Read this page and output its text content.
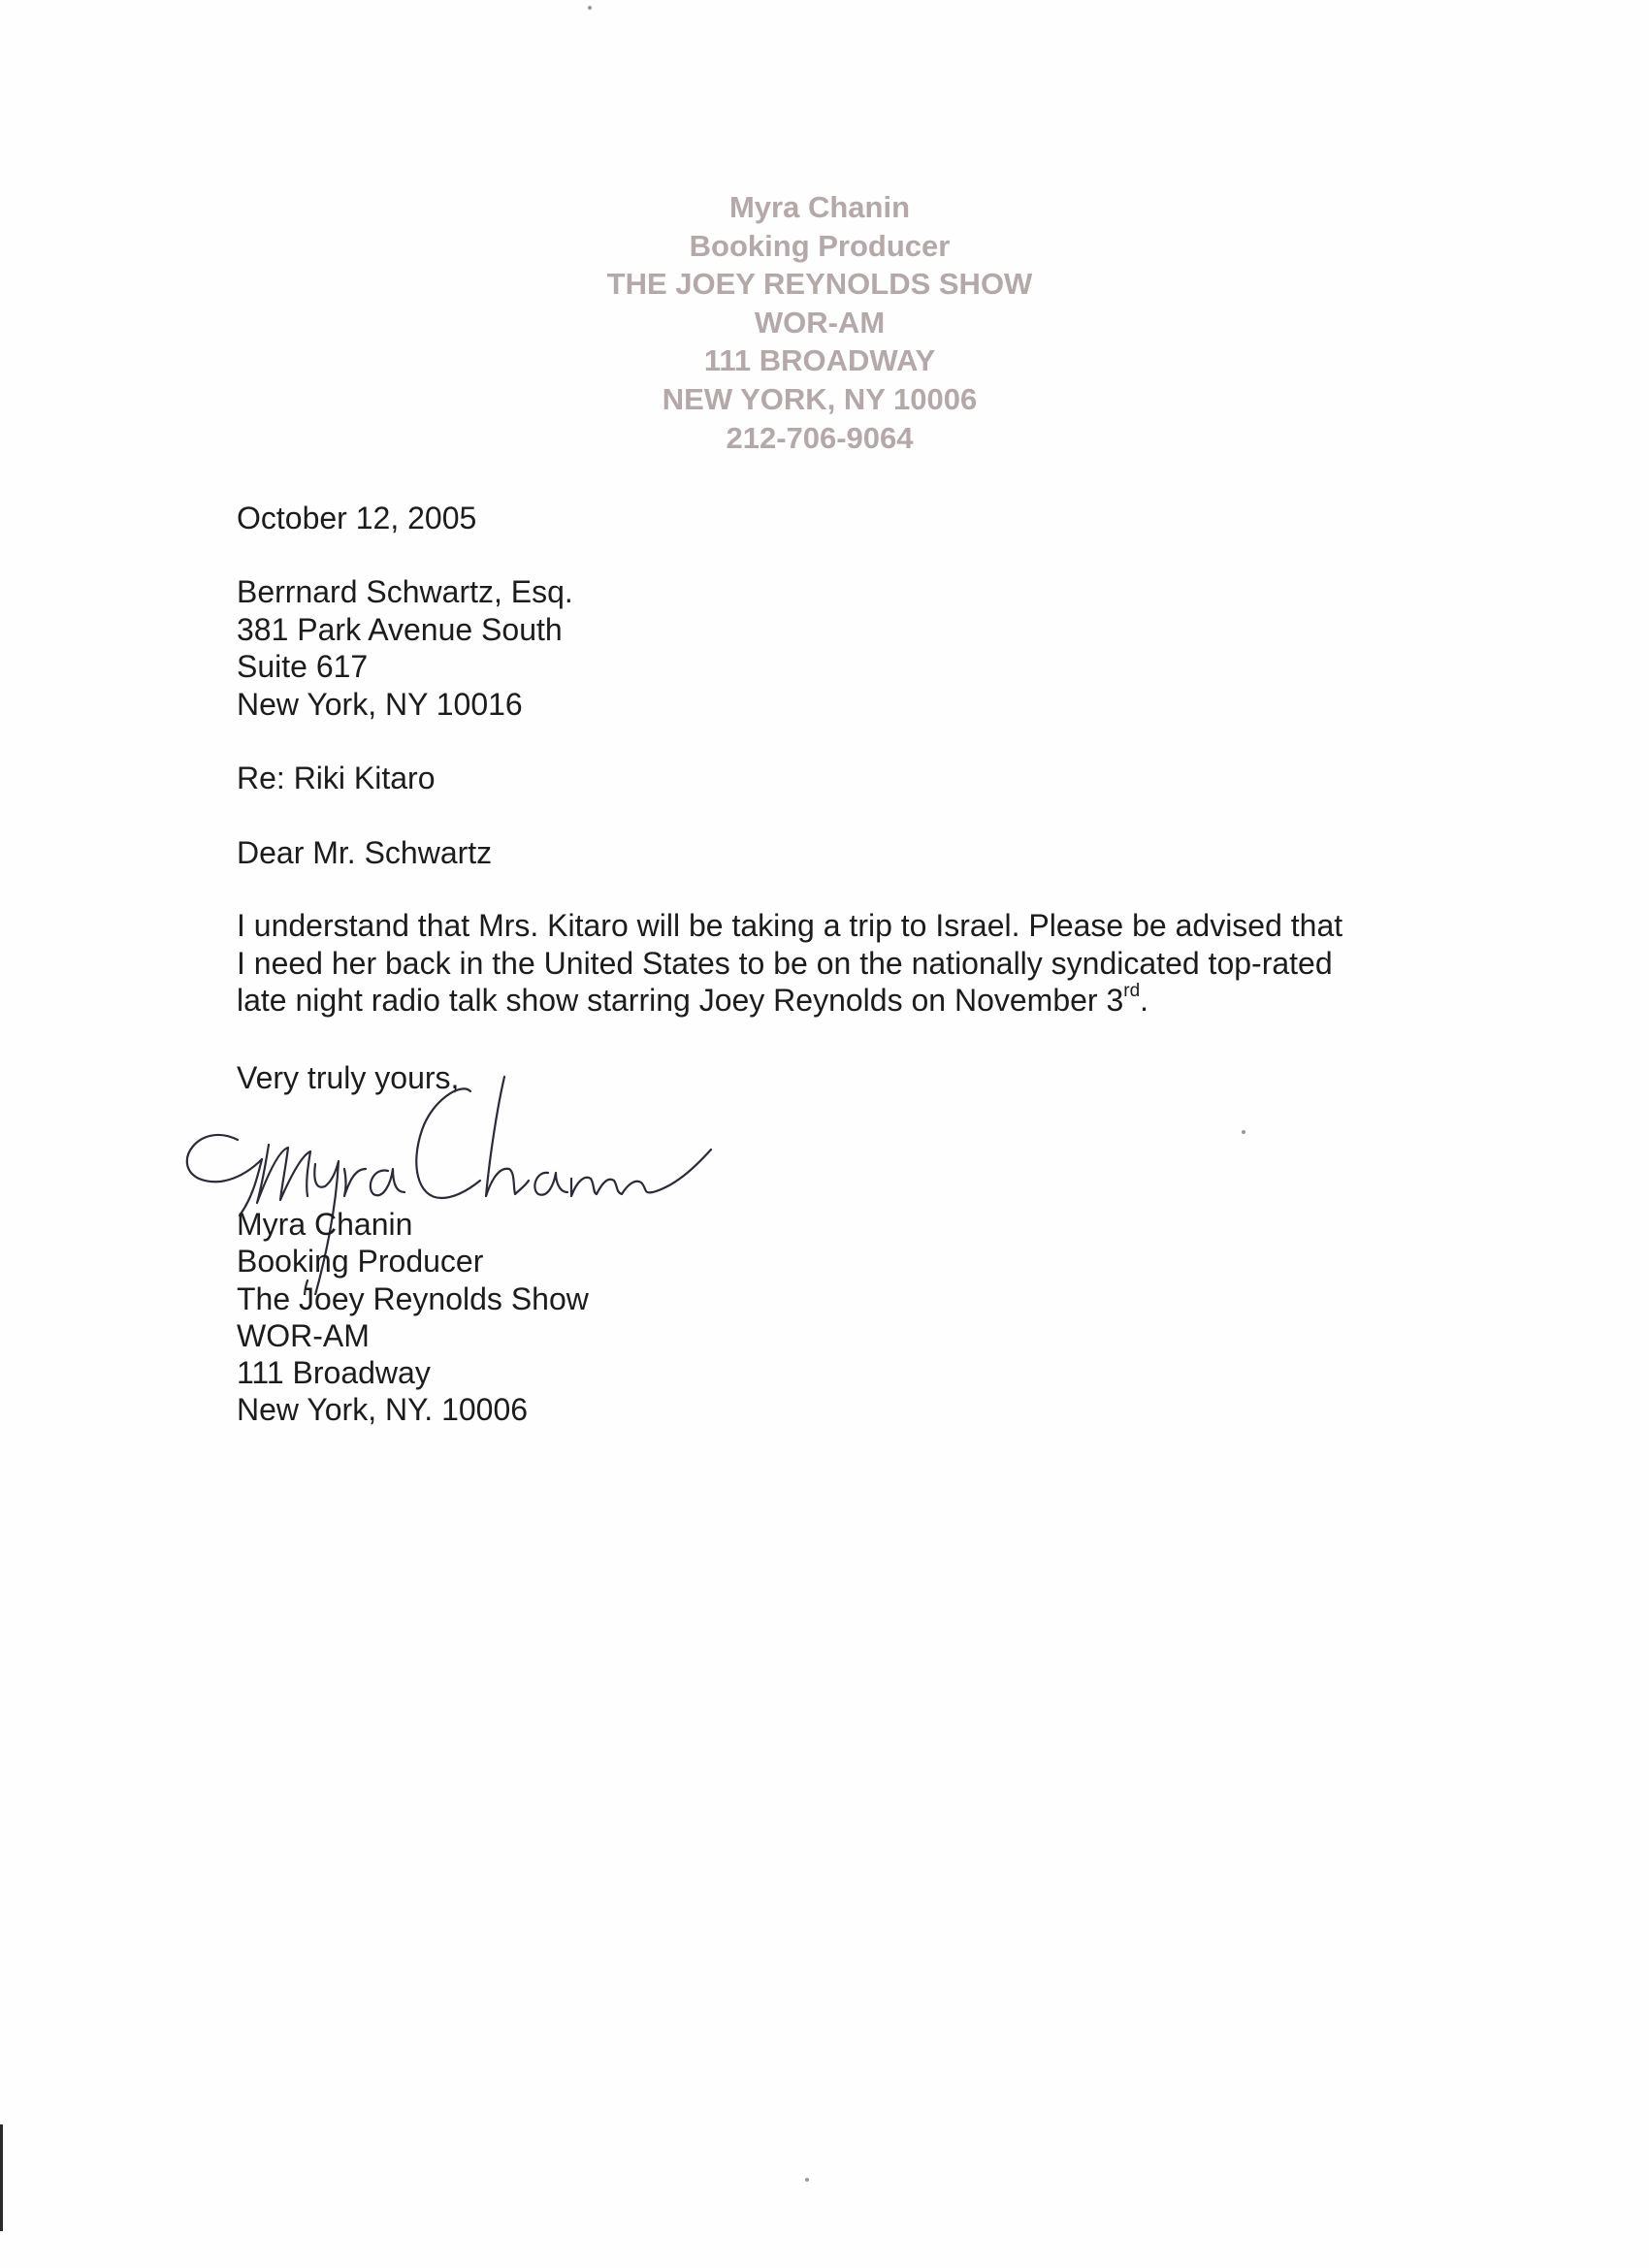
Myra Chanin
Booking Producer
THE JOEY REYNOLDS SHOW
WOR-AM
111 BROADWAY
NEW YORK, NY 10006
212-706-9064
October 12, 2005
Berrnard Schwartz, Esq.
381 Park Avenue South
Suite 617
New York, NY 10016
Re: Riki Kitaro
Dear Mr. Schwartz
I understand that Mrs. Kitaro will be taking a trip to Israel. Please be advised that
I need her back in the United States to be on the nationally syndicated top-rated
late night radio talk show starring Joey Reynolds on November 3rd.
Very truly yours,
Myra Chanin
Booking Producer
The Joey Reynolds Show
WOR-AM
111 Broadway
New York, NY. 10006
